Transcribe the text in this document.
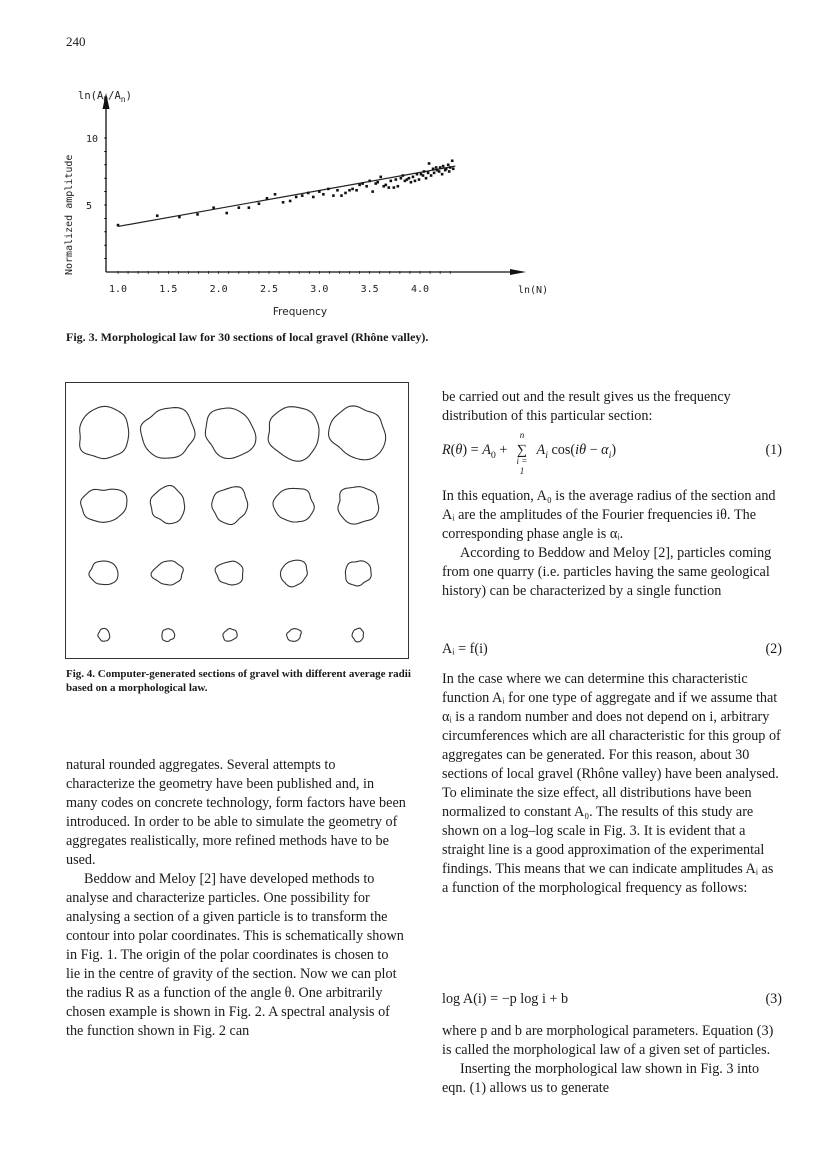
240
5
10
1.0	1.5	2.0	2.5	3.0	3.5	4.0
$\ln(A_0/A_n)$
Normalized amplitude
Frequency
ln(N)
Fig. 3. Morphological law for 30 sections of local gravel (Rhône valley).
Fig. 4. Computer-generated sections of gravel with different average radii based on a morphological law.

natural rounded aggregates. Several attempts to characterize the geometry have been published and, in many codes on concrete technology, form factors have been introduced. In order to be able to simulate the geometry of aggregates realistically, more refined methods have to be used.

Beddow and Meloy [2] have developed methods to analyse and characterize particles. One possibility for analysing a section of a given particle is to transform the contour into polar coordinates. This is schematically shown in Fig. 1. The origin of the polar coordinates is chosen to lie in the centre of gravity of the section. Now we can plot the radius R as a function of the angle θ. One arbitrarily chosen example is shown in Fig. 2. A spectral analysis of the function shown in Fig. 2 can

be carried out and the result gives us the frequency distribution of this particular section:
$R(\theta) = A_0$ +
n
∑
i = 1
$A_i$ $\cos(i\theta - \alpha_i)$	(1)

In this equation, A₀ is the average radius of the section and Aᵢ are the amplitudes of the Fourier frequencies iθ. The corresponding phase angle is αᵢ.

According to Beddow and Meloy [2], particles coming from one quarry (i.e. particles having the same geological history) can be characterized by a single function

Aᵢ = f(i)	(2)
In the case where we can determine this characteristic function Aᵢ for one type of aggregate and if we assume that αᵢ is a random number and does not depend on i, arbitrary circumferences which are all characteristic for this group of aggregates can be generated. For this reason, about 30 sections of local gravel (Rhône valley) have been analysed. To eliminate the size effect, all distributions have been normalized to constant A₀. The results of this study are shown on a log–log scale in Fig. 3. It is evident that a straight line is a good approximation of the experimental findings. This means that we can indicate amplitudes Aᵢ as a function of the morphological frequency as follows:
log A(i) = −p log i + b	(3)

where p and b are morphological parameters. Equation (3) is called the morphological law of a given set of particles.

Inserting the morphological law shown in Fig. 3 into eqn. (1) allows us to generate
